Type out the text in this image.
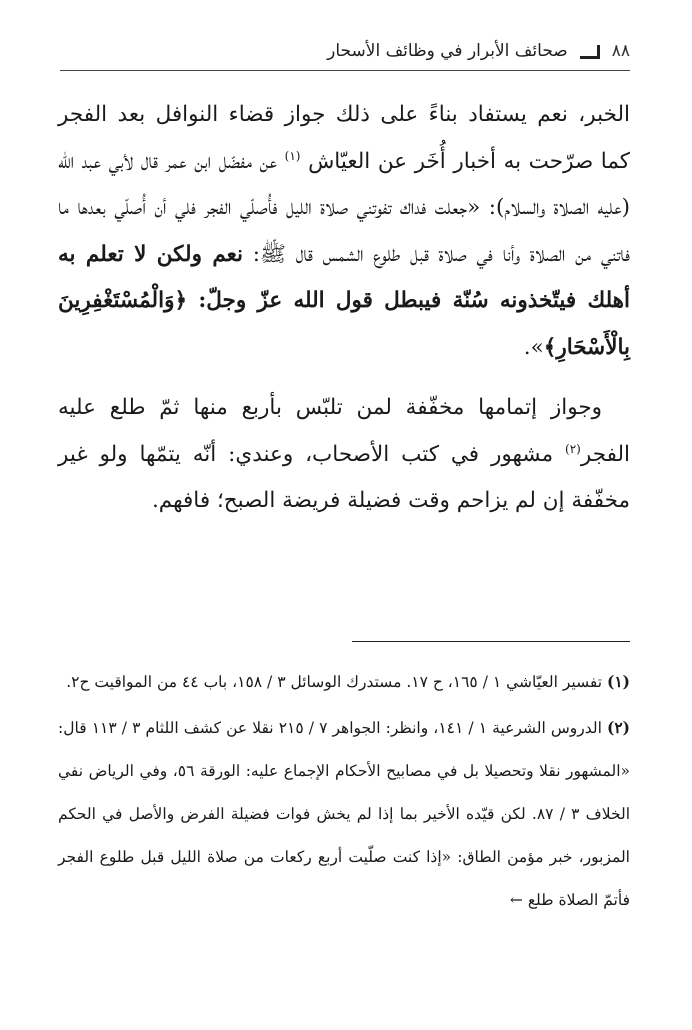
٨٨
صحائف الأبرار في وظائف الأسحار

الخبر، نعم يستفاد بناءً على ذلك جواز قضاء النوافل بعد الفجر كما صرّحت به أخبار أُخَر عن العيّاش $^{(١)}$ عن مفضّل ابن عمر قال لأبي عبد الله (عليه الصلاة والسلام): «جعلت فداك تفوتني صلاة الليل فأُصلّي الفجر فلي أن أُصلّي بعدها ما فاتني من الصلاة وأنا في صلاة قبل طلوع الشمس قال ﷺ: نعم ولكن لا تعلم به أهلك فيتّخذونه سُنّة فيبطل قول الله عزّ وجلّ: ﴿وَالْمُسْتَغْفِرِينَ بِالْأَسْحَارِ﴾».

وجواز إتمامها مخفّفة لمن تلبّس بأربع منها ثمّ طلع عليه الفجر$^{(٢)}$ مشهور في كتب الأصحاب، وعندي: أنّه يتمّها ولو غير مخفّفة إن لم يزاحم وقت فضيلة فريضة الصبح؛ فافهم.

(١) تفسير العيّاشي ١ / ١٦٥، ح ١٧. مستدرك الوسائل ٣ / ١٥٨، باب ٤٤ من المواقيت ح٢.

(٢) الدروس الشرعية ١ / ١٤١، وانظر: الجواهر ٧ / ٢١٥ نقلا عن كشف اللثام ٣ / ١١٣ قال: «المشهور نقلا وتحصيلا بل في مصابيح الأحكام الإجماع عليه: الورقة ٥٦، وفي الرياض نفي الخلاف ٣ / ٨٧. لكن قيّده الأخير بما إذا لم يخش فوات فضيلة الفرض والأصل في الحكم المزبور، خبر مؤمن الطاق: «إذا كنت صلّيت أربع ركعات من صلاة الليل قبل طلوع الفجر فأتمّ الصلاة طلع ←
